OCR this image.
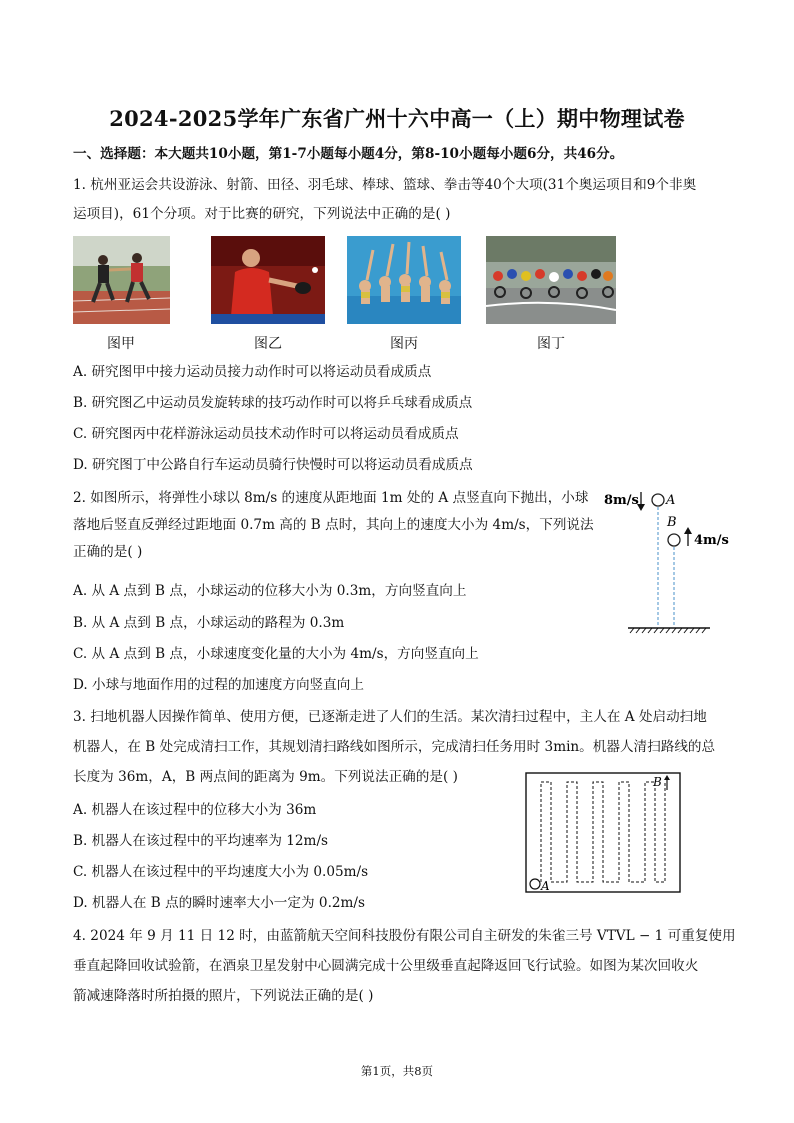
2024-2025学年广东省广州十六中高一（上）期中物理试卷
一、选择题：本大题共10小题，第1-7小题每小题4分，第8-10小题每小题6分，共46分。
1. 杭州亚运会共设游泳、射箭、田径、羽毛球、棒球、篮球、拳击等40个大项(31个奥运项目和9个非奥
运项目)，61个分项。对于比赛的研究，下列说法中正确的是( )
图甲	图乙	图丙	图丁
A. 研究图甲中接力运动员接力动作时可以将运动员看成质点
B. 研究图乙中运动员发旋转球的技巧动作时可以将乒乓球看成质点
C. 研究图丙中花样游泳运动员技术动作时可以将运动员看成质点
D. 研究图丁中公路自行车运动员骑行快慢时可以将运动员看成质点
2. 如图所示，将弹性小球以 8m/s 的速度从距地面 1m 处的 A 点竖直向下抛出，小球
落地后竖直反弹经过距地面 0.7m 高的 B 点时，其向上的速度大小为 4m/s，下列说法
正确的是( )
A. 从 A 点到 B 点，小球运动的位移大小为 0.3m，方向竖直向上
B. 从 A 点到 B 点，小球运动的路程为 0.3m
C. 从 A 点到 B 点，小球速度变化量的大小为 4m/s，方向竖直向上
D. 小球与地面作用的过程的加速度方向竖直向上
8m/s A
B
4m/s
3. 扫地机器人因操作简单、使用方便，已逐渐走进了人们的生活。某次清扫过程中，主人在 A 处启动扫地
机器人，在 B 处完成清扫工作，其规划清扫路线如图所示，完成清扫任务用时 3min。机器人清扫路线的总
长度为 36m，A，B 两点间的距离为 9m。下列说法正确的是( )
A. 机器人在该过程中的位移大小为 36m
B. 机器人在该过程中的平均速率为 12m/s
C. 机器人在该过程中的平均速度大小为 0.05m/s
D. 机器人在 B 点的瞬时速率大小一定为 0.2m/s
A
B
4. 2024 年 9 月 11 日 12 时，由蓝箭航天空间科技股份有限公司自主研发的朱雀三号 VTVL − 1 可重复使用
垂直起降回收试验箭，在酒泉卫星发射中心圆满完成十公里级垂直起降返回飞行试验。如图为某次回收火
箭减速降落时所拍摄的照片，下列说法正确的是( )
第1页，共8页
